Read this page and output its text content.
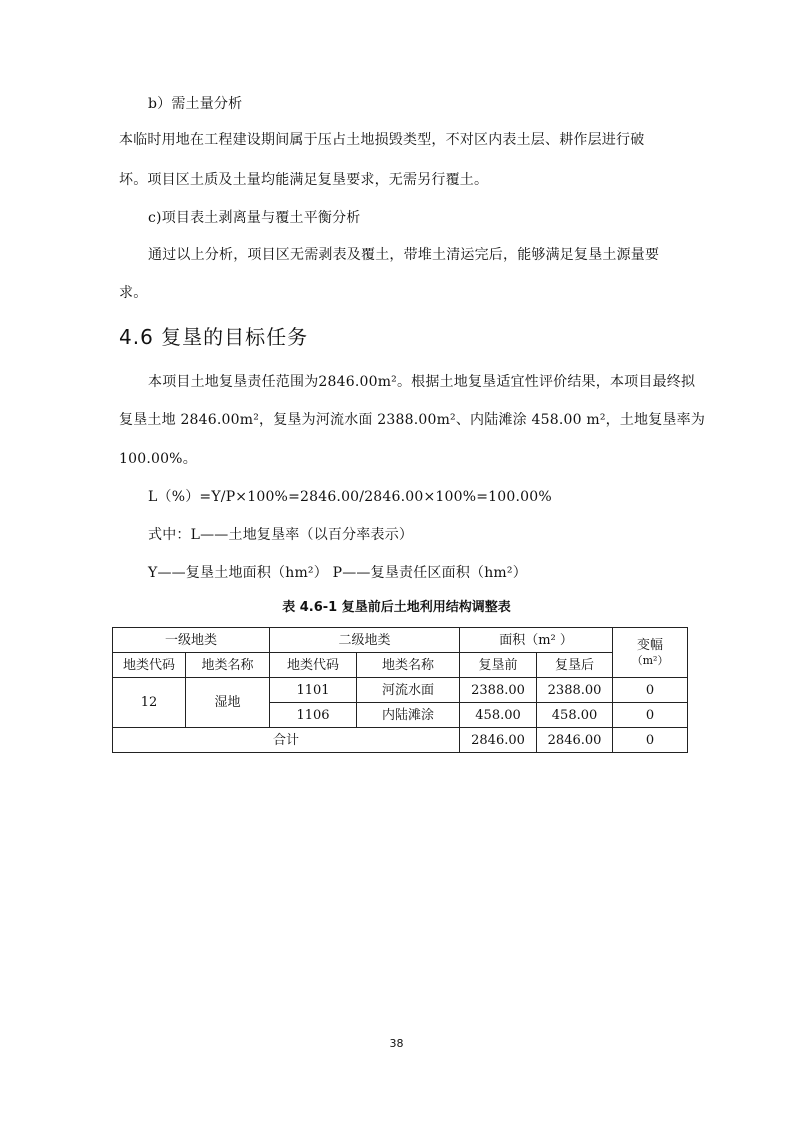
b）需土量分析
本临时用地在工程建设期间属于压占土地损毁类型，不对区内表土层、耕作层进行破
坏。项目区土质及土量均能满足复垦要求，无需另行覆土。
c)项目表土剥离量与覆土平衡分析
通过以上分析，项目区无需剥表及覆土，带堆土清运完后，能够满足复垦土源量要
求。
4.6 复垦的目标任务
本项目土地复垦责任范围为2846.00m²。根据土地复垦适宜性评价结果，本项目最终拟
复垦土地 2846.00m²，复垦为河流水面 2388.00m²、内陆滩涂 458.00 m²，土地复垦率为
100.00%。
L（%）=Y/P×100%=2846.00/2846.00×100%=100.00%
式中：L——土地复垦率（以百分率表示）
Y——复垦土地面积（hm²） P——复垦责任区面积（hm²）
表 4.6-1 复垦前后土地利用结构调整表
一级地类		二级地类		面积（m² ）		变幅
（m²）

地类代码	地类名称	地类代码	地类名称	复垦前	复垦后	
12	湿地	1101	河流水面	2388.00	2388.00	0
		1106	内陆滩涂	458.00	458.00	0
合计				2846.00	2846.00	0
38
